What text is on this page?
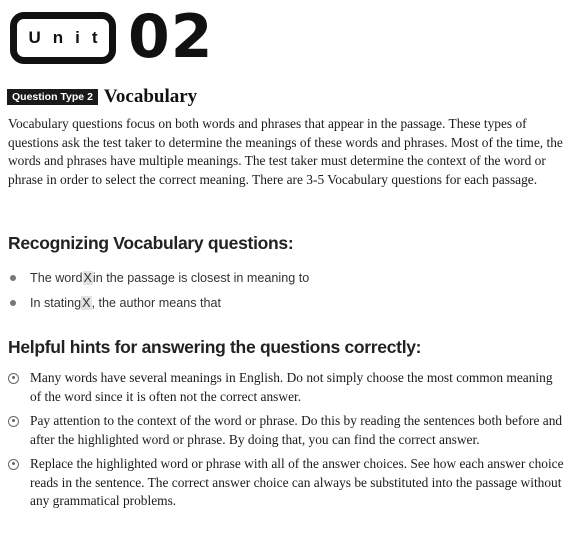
Unit 02
Question Type 2 Vocabulary

Vocabulary questions focus on both words and phrases that appear in the passage. These types of questions ask the test taker to determine the meanings of these words and phrases. Most of the time, the words and phrases have multiple meanings. The test taker must determine the context of the word or phrase in order to select the correct meaning. There are 3-5 Vocabulary questions for each passage.

Recognizing Vocabulary questions:
The word X in the passage is closest in meaning to
In stating X , the author means that
Helpful hints for answering the questions correctly:
Many words have several meanings in English. Do not simply choose the most common meaning of the word since it is often not the correct answer.
Pay attention to the context of the word or phrase. Do this by reading the sentences both before and after the highlighted word or phrase. By doing that, you can find the correct answer.
Replace the highlighted word or phrase with all of the answer choices. See how each answer choice reads in the sentence. The correct answer choice can always be substituted into the passage without any grammatical problems.
